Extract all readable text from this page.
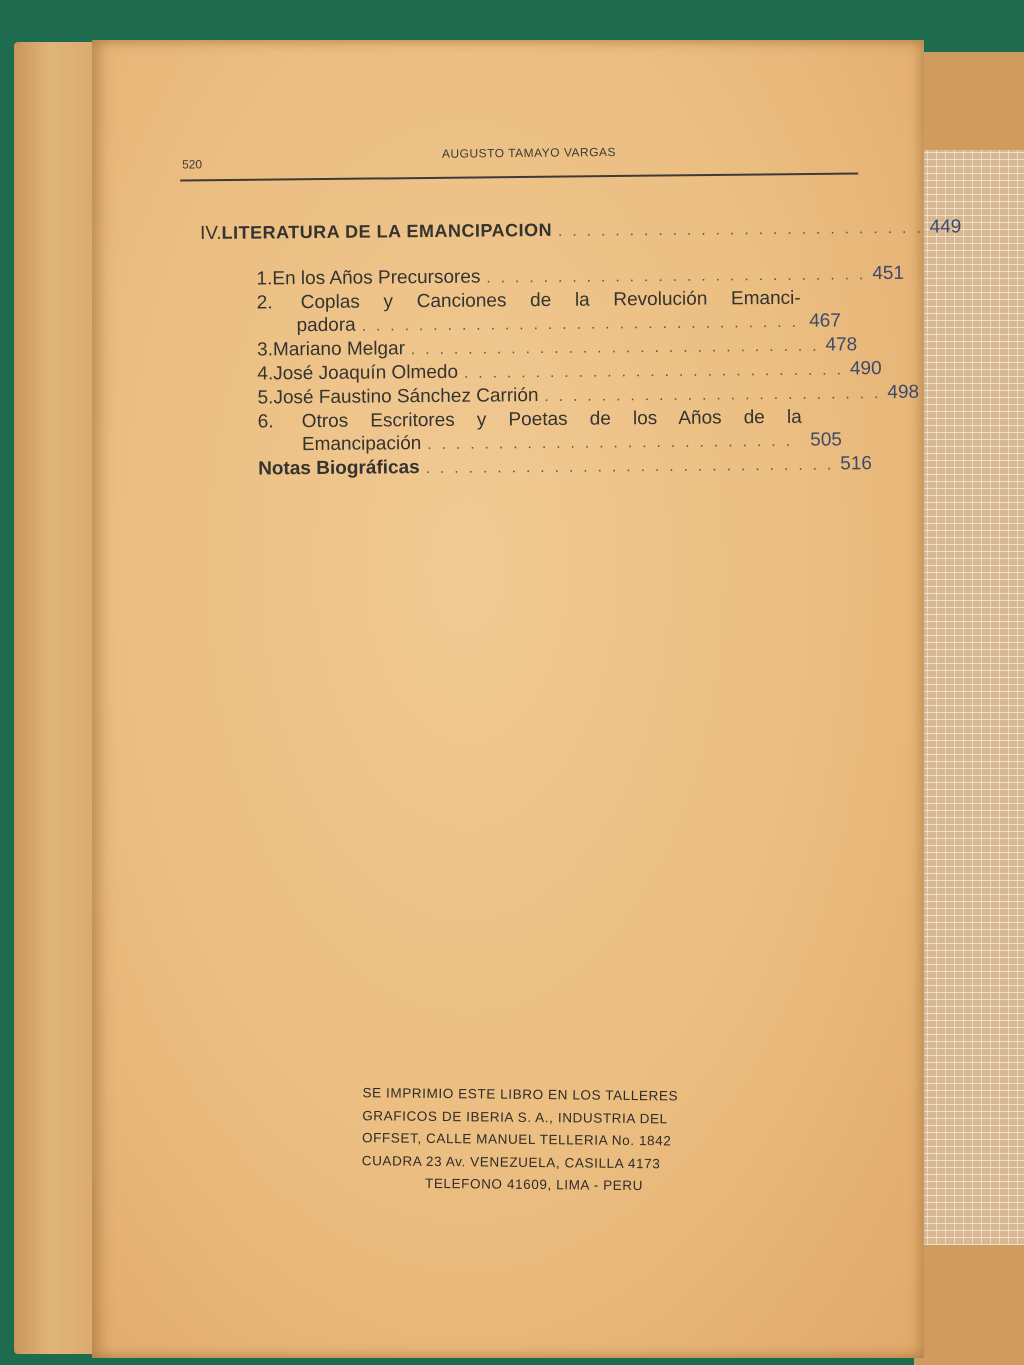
520
AUGUSTO TAMAYO VARGAS
IV. LITERATURA DE LA EMANCIPACION . . . . . . . . . . . . . . . . . . . . . . . . . . 449
1. En los Años Precursores . . . . . . . . . . . . . . . . . . . . . . . . . . . 451
2.	Coplas y Canciones de la Revolución Emanci-
padora . . . . . . . . . . . . . . . . . . . . . . . . . . . . . . . 467
3. Mariano Melgar . . . . . . . . . . . . . . . . . . . . . . . . . . . . . 478
4. José Joaquín Olmedo . . . . . . . . . . . . . . . . . . . . . . . . . . . 490
5. José Faustino Sánchez Carrión . . . . . . . . . . . . . . . . . . . . . . . . 498
6.	Otros Escritores y Poetas de los Años de la
Emancipación . . . . . . . . . . . . . . . . . . . . . . . . . . 505
Notas Biográficas . . . . . . . . . . . . . . . . . . . . . . . . . . . . . 516
SE IMPRIMIO ESTE LIBRO EN LOS TALLERES
GRAFICOS DE IBERIA S. A., INDUSTRIA DEL
OFFSET, CALLE MANUEL TELLERIA No. 1842
CUADRA 23 Av. VENEZUELA, CASILLA 4173
TELEFONO 41609, LIMA - PERU
